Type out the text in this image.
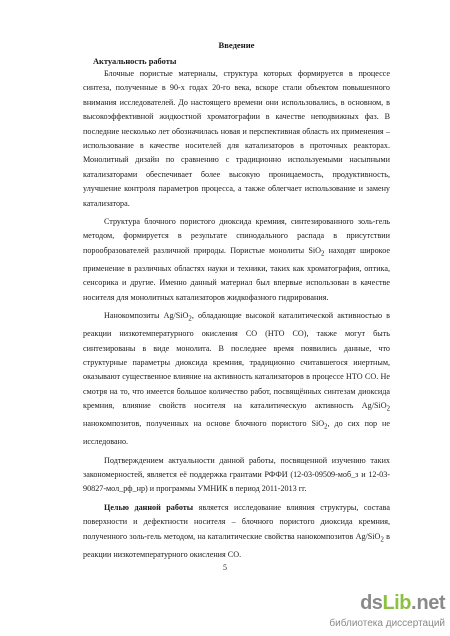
Введение
Актуальность работы

Блочные пористые материалы, структура которых формируется в процессе синтеза, полученные в 90-х годах 20-го века, вскоре стали объектом повышенного внимания исследователей. До настоящего времени они использовались, в основном, в высокоэффективной жидкостной хроматографии в качестве неподвижных фаз. В последние несколько лет обозначилась новая и перспективная область их применения – использование в качестве носителей для катализаторов в проточных реакторах. Монолитный дизайн по сравнению с традиционно используемыми насыпными катализаторами обеспечивает более высокую проницаемость, продуктивность, улучшение контроля параметров процесса, а также облегчает использование и замену катализатора.

Структура блочного пористого диоксида кремния, синтезированного золь-гель методом, формируется в результате спинодального распада в присутствии порообразователей различной природы. Пористые монолиты SiO$_2$ находят широкое применение в различных областях науки и техники, таких как хроматография, оптика, сенсорика и другие. Именно данный материал был впервые использован в качестве носителя для монолитных катализаторов жидкофазного гидрирования.

Нанокомпозиты Ag/SiO$_2$, обладающие высокой каталитической активностью в реакции низкотемпературного окисления СО (НТО СО), также могут быть синтезированы в виде монолита. В последнее время появились данные, что структурные параметры диоксида кремния, традиционно считавшегося инертным, оказывают существенное влияние на активность катализаторов в процессе НТО СО. Не смотря на то, что имеется большое количество работ, посвящённых синтезам диоксида кремния, влияние свойств носителя на каталитическую активность Ag/SiO$_2$ нанокомпозитов, полученных на основе блочного пористого SiO$_2$, до сих пор не исследовано.

Подтверждением актуальности данной работы, посвященной изучению таких закономерностей, является её поддержка грантами РФФИ (12-03-09509-моб_з и 12-03-90827-мол_рф_нр) и программы УМНИК в период 2011-2013 гг.

Целью данной работы является исследование влияния структуры, состава поверхности и дефектности носителя – блочного пористого диоксида кремния, полученного золь-гель методом, на каталитические свойства нанокомпозитов Ag/SiO$_2$ в реакции низкотемпературного окисления СО.

5
dsLib.net
библиотека диссертаций
